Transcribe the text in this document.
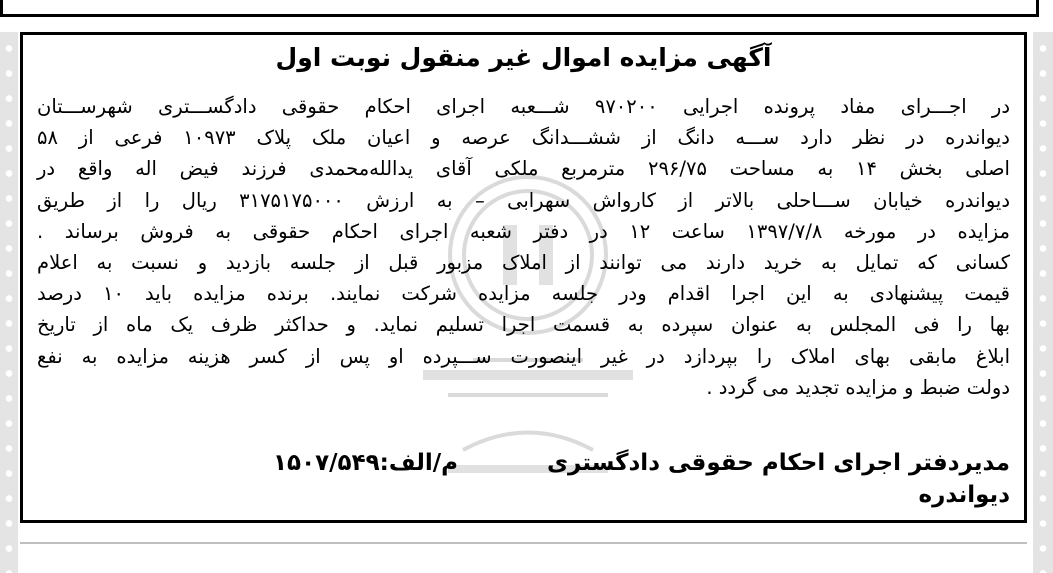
آگهی مزایده اموال غیر منقول نوبت اول
در اجـــرای مفاد پرونده اجرایی ۹۷۰۲۰۰ شـــعبه اجرای احکام حقوقی دادگســـتری شهرســـتان
دیواندره در نظر دارد ســـه دانگ از ششـــدانگ عرصه و اعیان ملک پلاک ۱۰۹۷۳ فرعی از ۵۸
اصلی بخش ۱۴ به مساحت ۲۹۶/۷۵ مترمربع ملکی آقای یدالله‌محمدی فرزند فیض اله واقع در
دیواندره خیابان ســـاحلی بالاتر از کارواش سهرابی – به ارزش ۳۱۷۵۱۷۵۰۰۰ ریال را از طریق
مزایده در مورخه ۱۳۹۷/۷/۸ ساعت ۱۲ در دفتر شعبه اجرای احکام حقوقی به فروش برساند .
کسانی که تمایل به خرید دارند می توانند از املاک مزبور قبل از جلسه بازدید و نسبت به اعلام
قیمت پیشنهادی به این اجرا اقدام ودر جلسه مزایده شرکت نمایند. برنده مزایده باید ۱۰ درصد
بها را فی المجلس به عنوان سپرده به قسمت اجرا تسلیم نماید. و حداکثر ظرف یک ماه از تاریخ
ابلاغ مابقی بهای املاک را بپردازد در غیر اینصورت ســـپرده او پس از کسر هزینه مزایده به نفع
دولت ضبط و مزایده تجدید می گردد .
مدیردفتر اجرای احکام حقوقی دادگستری
م/الف:۱۵۰۷/۵۴۹
دیواندره
